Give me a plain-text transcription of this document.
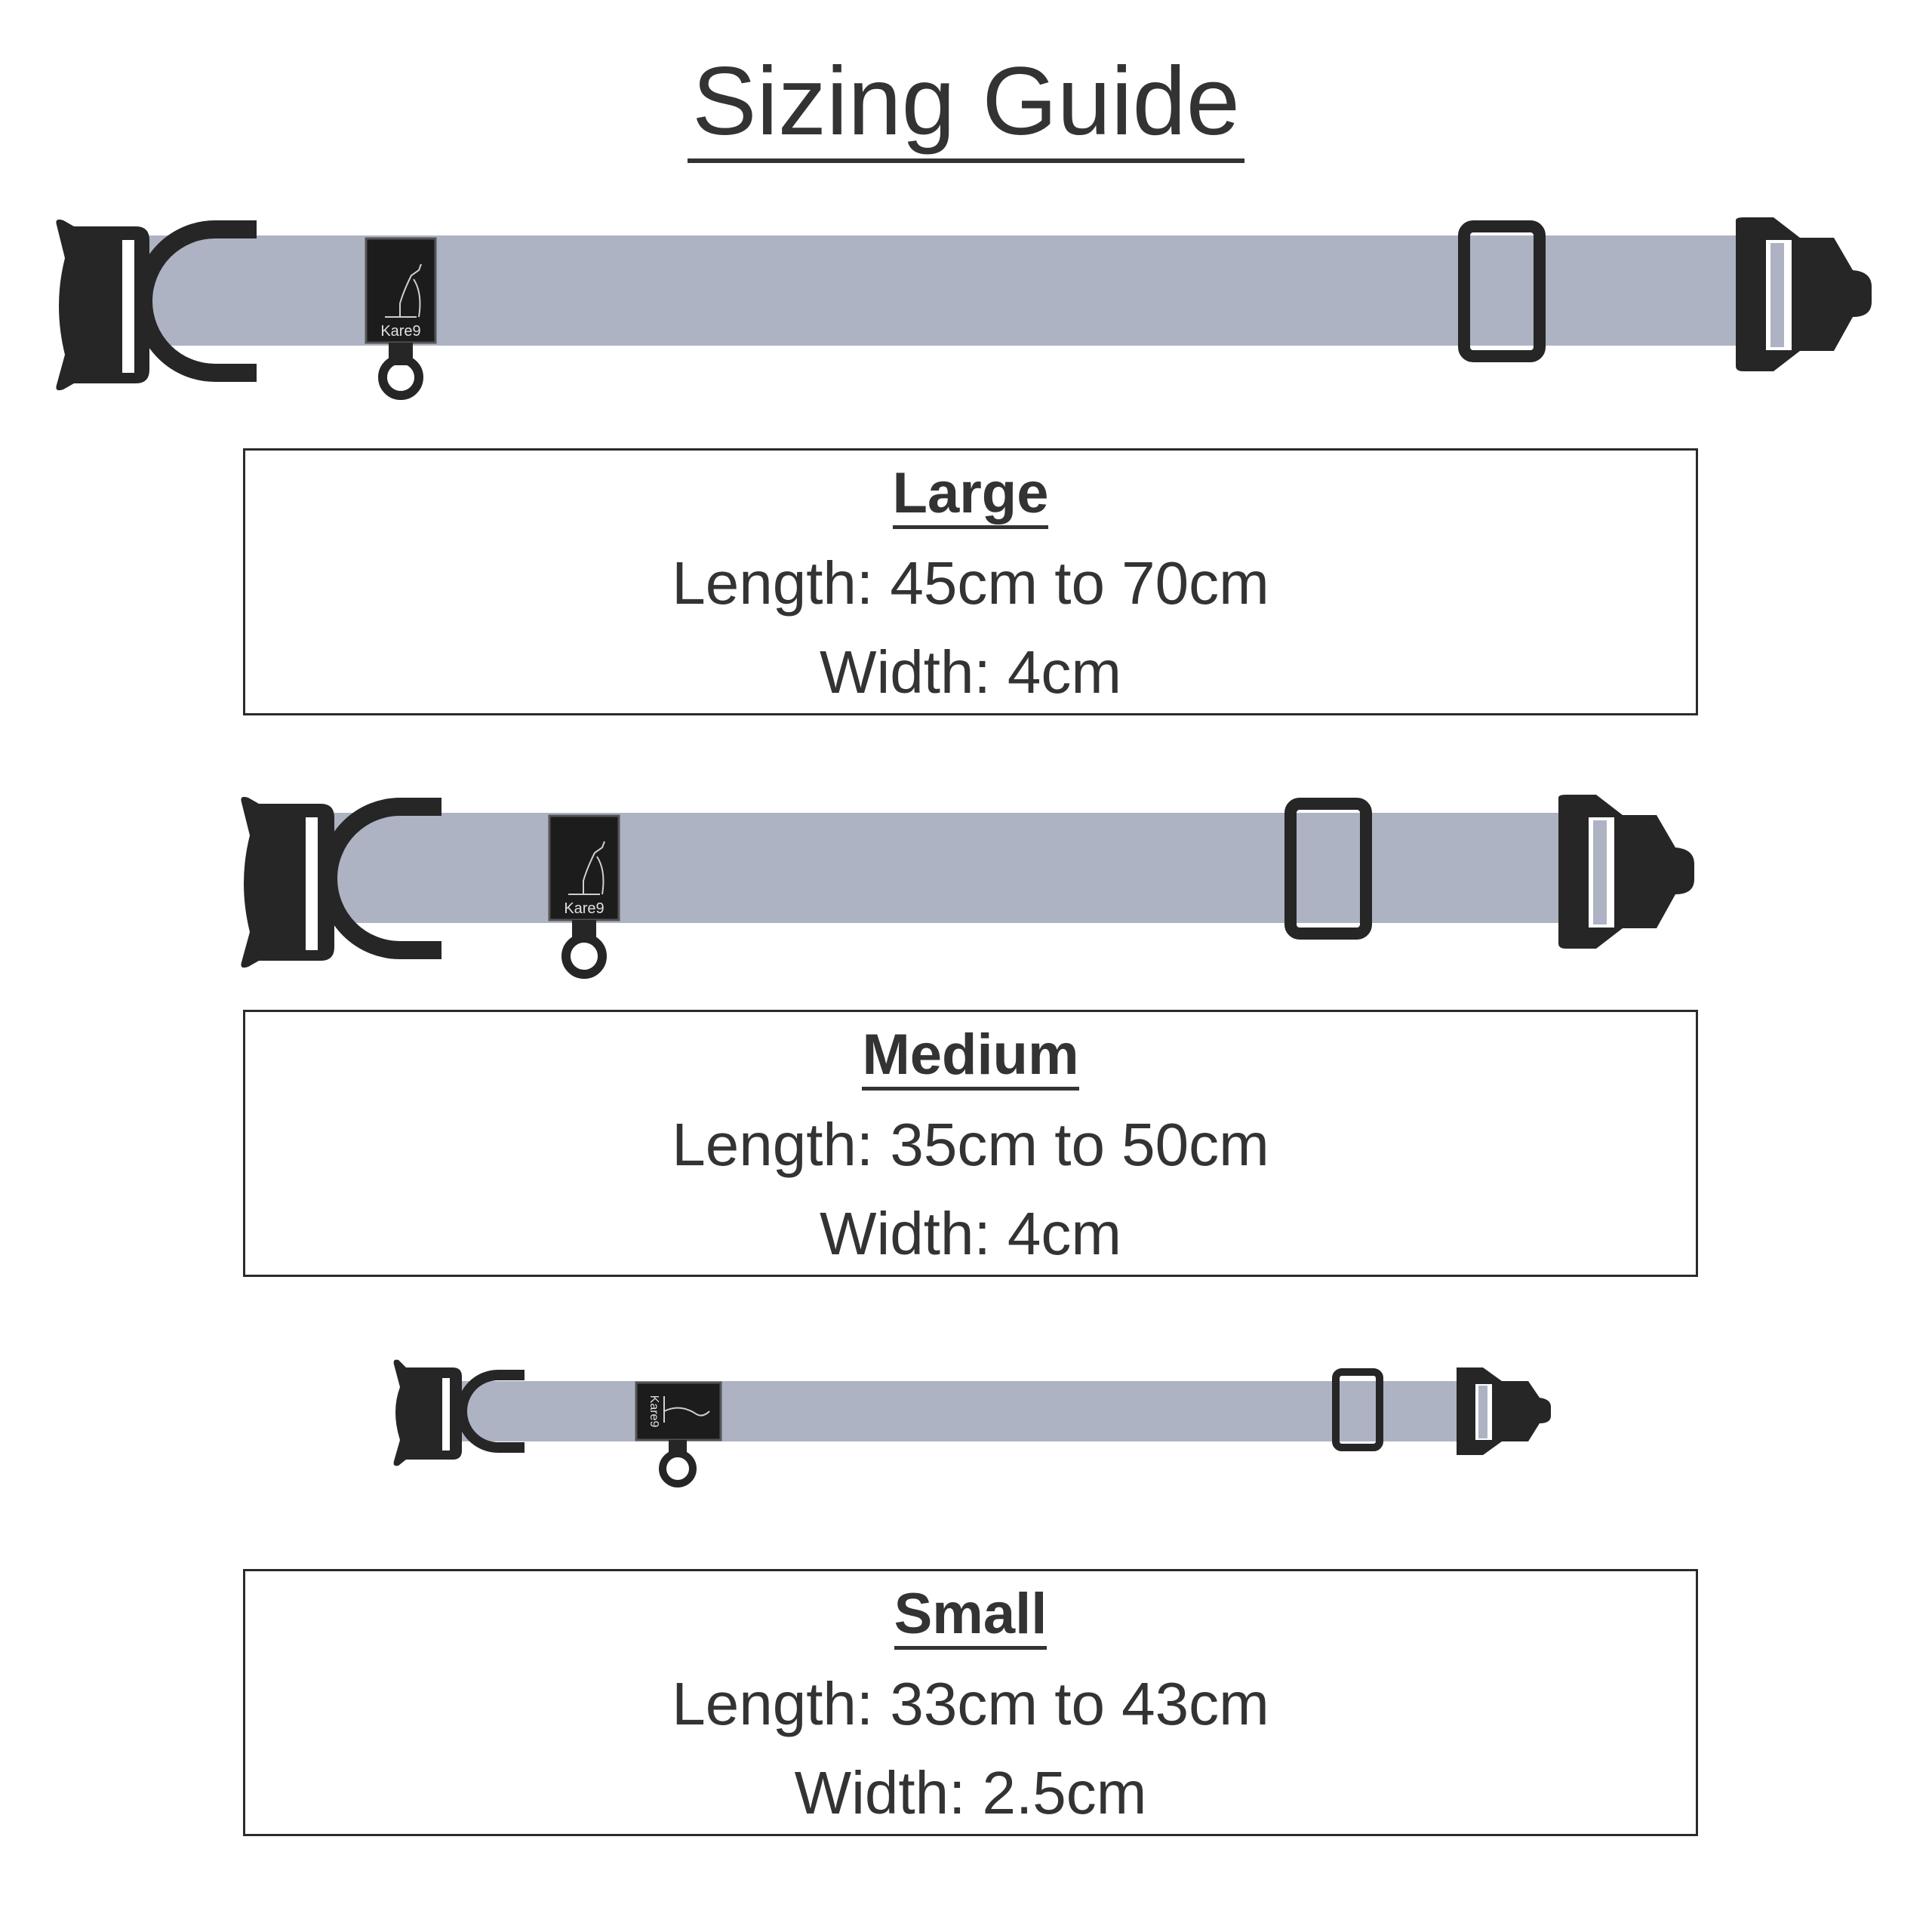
Sizing Guide
Kare9
Large
Length: 45cm to 70cm
Width: 4cm
Kare9
Medium
Length: 35cm to 50cm
Width: 4cm
Kare9
Small
Length: 33cm to 43cm
Width: 2.5cm
